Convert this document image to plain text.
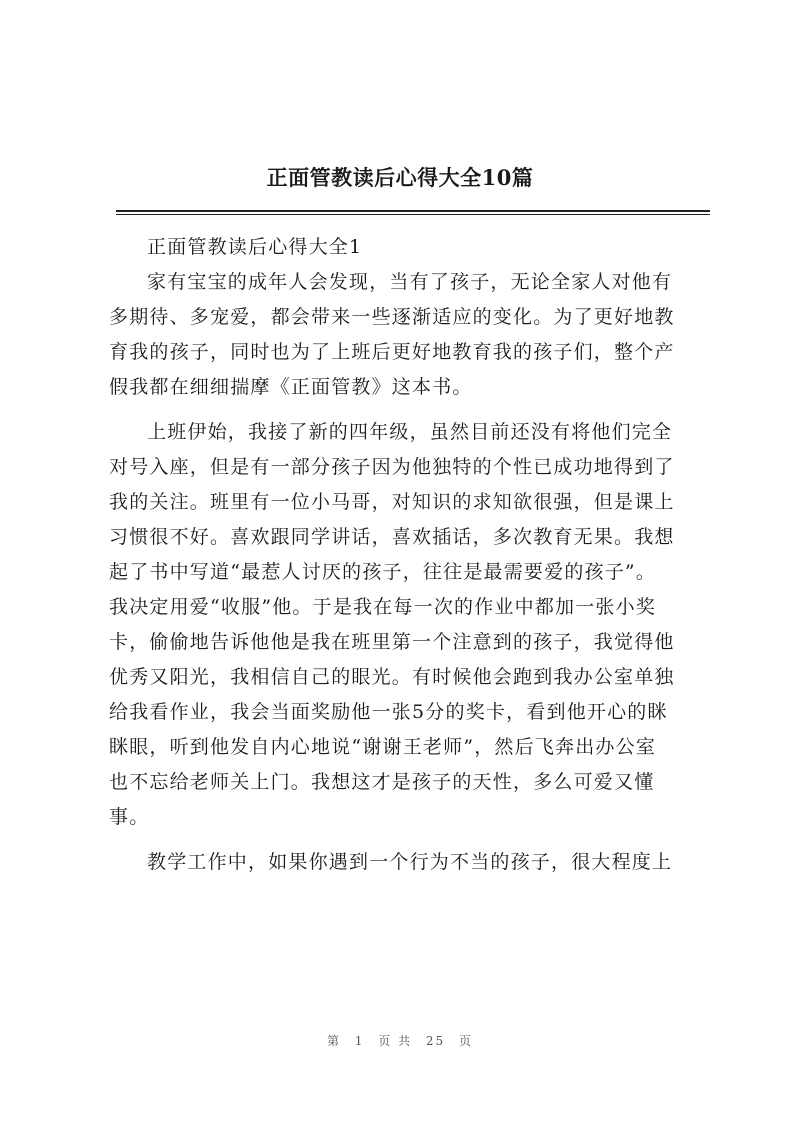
正面管教读后心得大全10篇
正面管教读后心得大全1
家有宝宝的成年人会发现，当有了孩子，无论全家人对他有
多期待、多宠爱，都会带来一些逐渐适应的变化。为了更好地教
育我的孩子，同时也为了上班后更好地教育我的孩子们，整个产
假我都在细细揣摩《正面管教》这本书。
上班伊始，我接了新的四年级，虽然目前还没有将他们完全
对号入座，但是有一部分孩子因为他独特的个性已成功地得到了
我的关注。班里有一位小马哥，对知识的求知欲很强，但是课上
习惯很不好。喜欢跟同学讲话，喜欢插话，多次教育无果。我想
起了书中写道“最惹人讨厌的孩子，往往是最需要爱的孩子”。
我决定用爱“收服”他。于是我在每一次的作业中都加一张小奖
卡，偷偷地告诉他他是我在班里第一个注意到的孩子，我觉得他
优秀又阳光，我相信自己的眼光。有时候他会跑到我办公室单独
给我看作业，我会当面奖励他一张5分的奖卡，看到他开心的眯
眯眼，听到他发自内心地说“谢谢王老师”，然后飞奔出办公室
也不忘给老师关上门。我想这才是孩子的天性，多么可爱又懂
事。
教学工作中，如果你遇到一个行为不当的孩子，很大程度上
第 1 页 共 25 页
